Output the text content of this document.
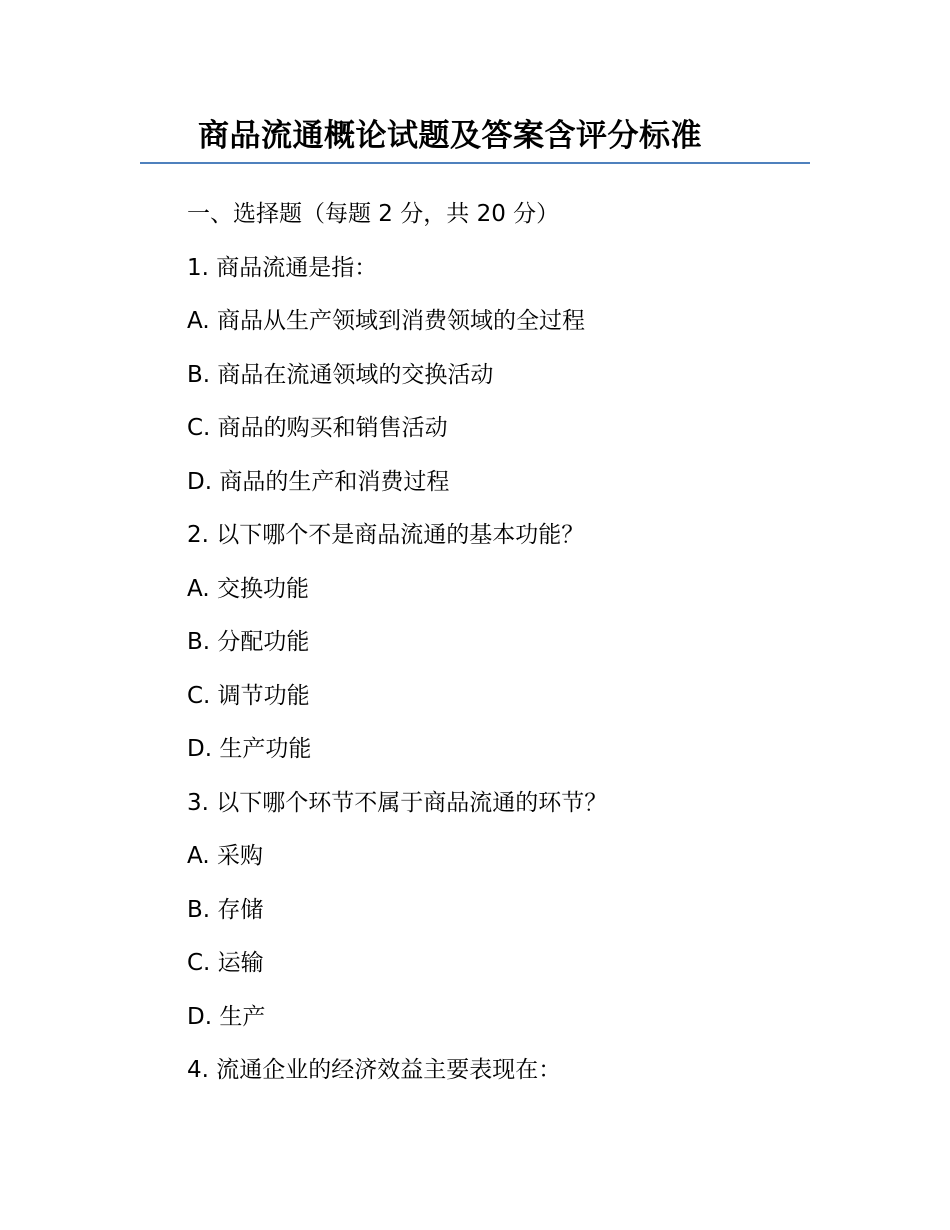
商品流通概论试题及答案含评分标准
一、选择题（每题 2 分，共 20 分）
1. 商品流通是指：
A. 商品从生产领域到消费领域的全过程
B. 商品在流通领域的交换活动
C. 商品的购买和销售活动
D. 商品的生产和消费过程
2. 以下哪个不是商品流通的基本功能？
A. 交换功能
B. 分配功能
C. 调节功能
D. 生产功能
3. 以下哪个环节不属于商品流通的环节？
A. 采购
B. 存储
C. 运输
D. 生产
4. 流通企业的经济效益主要表现在：
